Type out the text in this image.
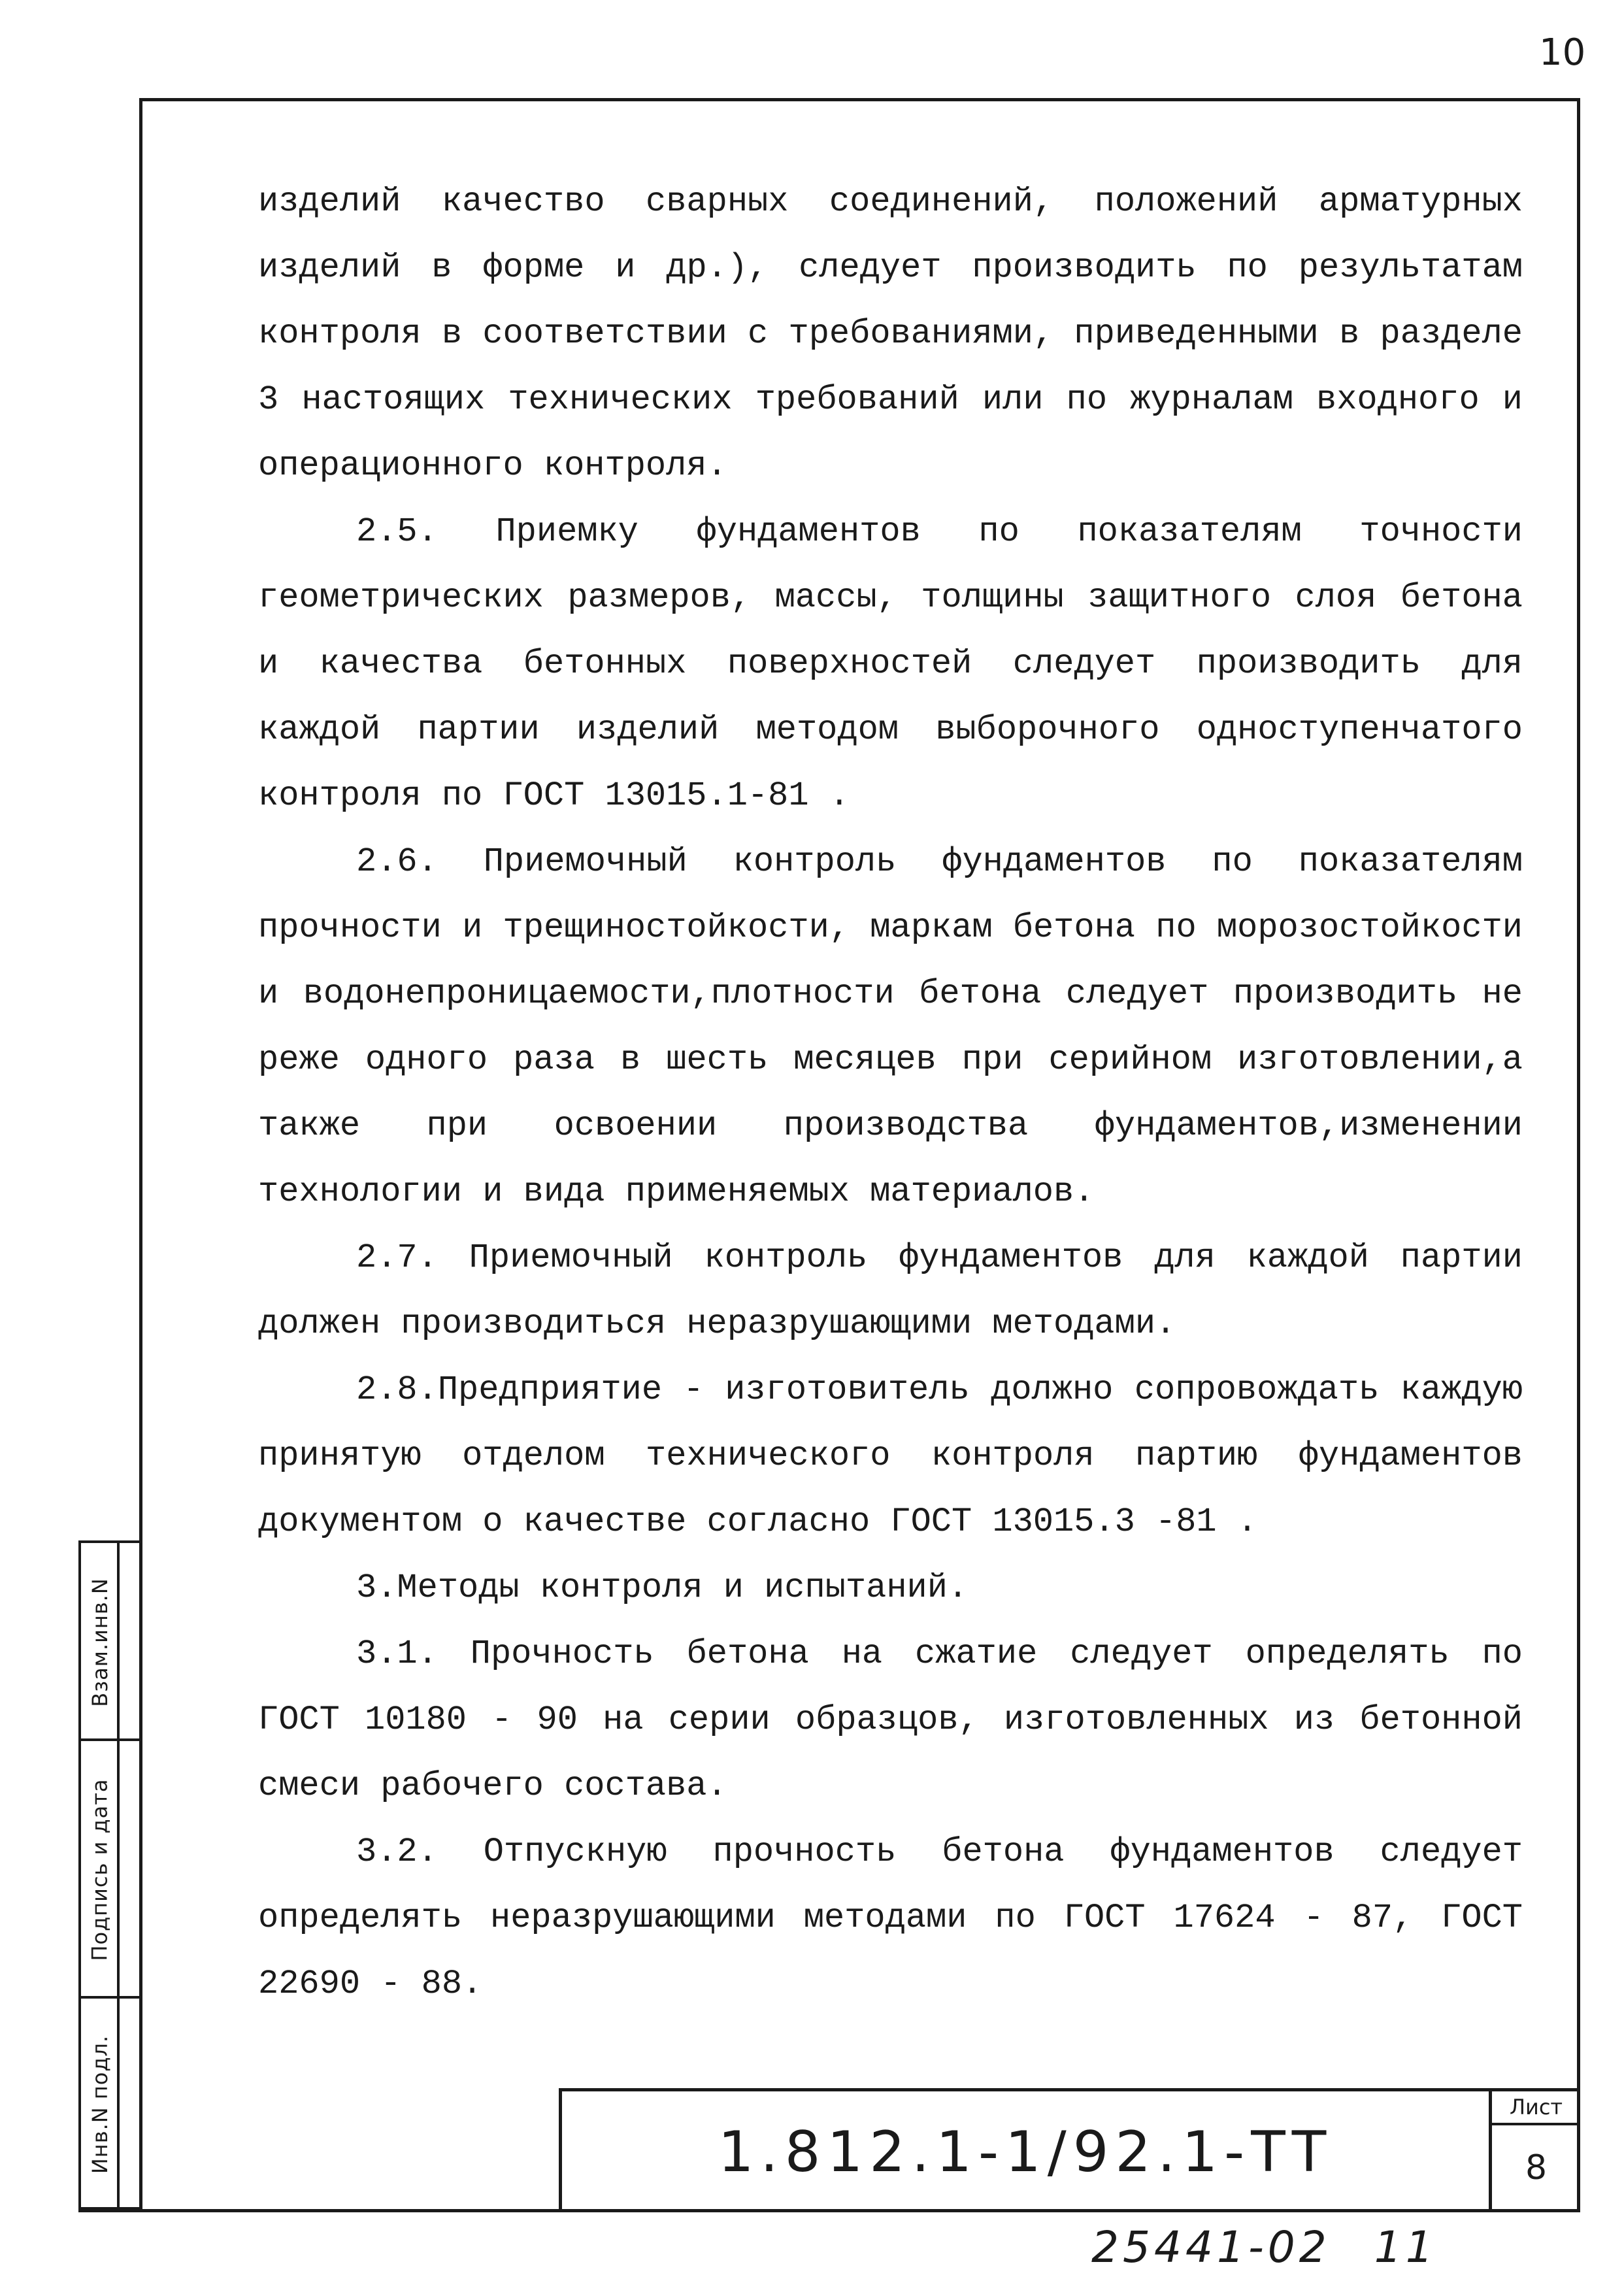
10

изделий качество сварных соединений, положений арматурных изделий в форме и др.), следует производить по результатам контроля в соответствии с требованиями, приведенными в разделе 3 настоящих технических требований или по журналам входного и операционного контроля.

2.5. Приемку фундаментов по показателям точности геометрических размеров, массы, толщины защитного слоя бетона и качества бетонных поверхностей следует производить для каждой партии изделий методом выборочного одноступенчатого контроля по ГОСТ 13015.1-81 .

2.6. Приемочный контроль фундаментов по показателям прочности и трещиностойкости, маркам бетона по морозостойкости и водонепроницаемости,плотности бетона следует производить не реже одного раза в шесть месяцев при серийном изготовлении,а также при освоении производства фундаментов,изменении технологии и вида применяемых материалов.

2.7. Приемочный контроль фундаментов для каждой партии должен производиться неразрушающими методами.

2.8.Предприятие - изготовитель должно сопровождать каждую принятую отделом технического контроля партию фундаментов документом о качестве согласно ГОСТ 13015.3 -81 .

3.Методы контроля и испытаний.

3.1. Прочность бетона на сжатие следует определять по ГОСТ 10180 - 90 на серии образцов, изготовленных из бетонной смеси рабочего состава.

3.2. Отпускную прочность бетона фундаментов следует определять неразрушающими методами по ГОСТ 17624 - 87, ГОСТ 22690 - 88.

Взам.инв.N
Подпись и дата
Инв.N подл.	1.812.1-1/92.1-ТТ
Лист
8
25441-02 11
